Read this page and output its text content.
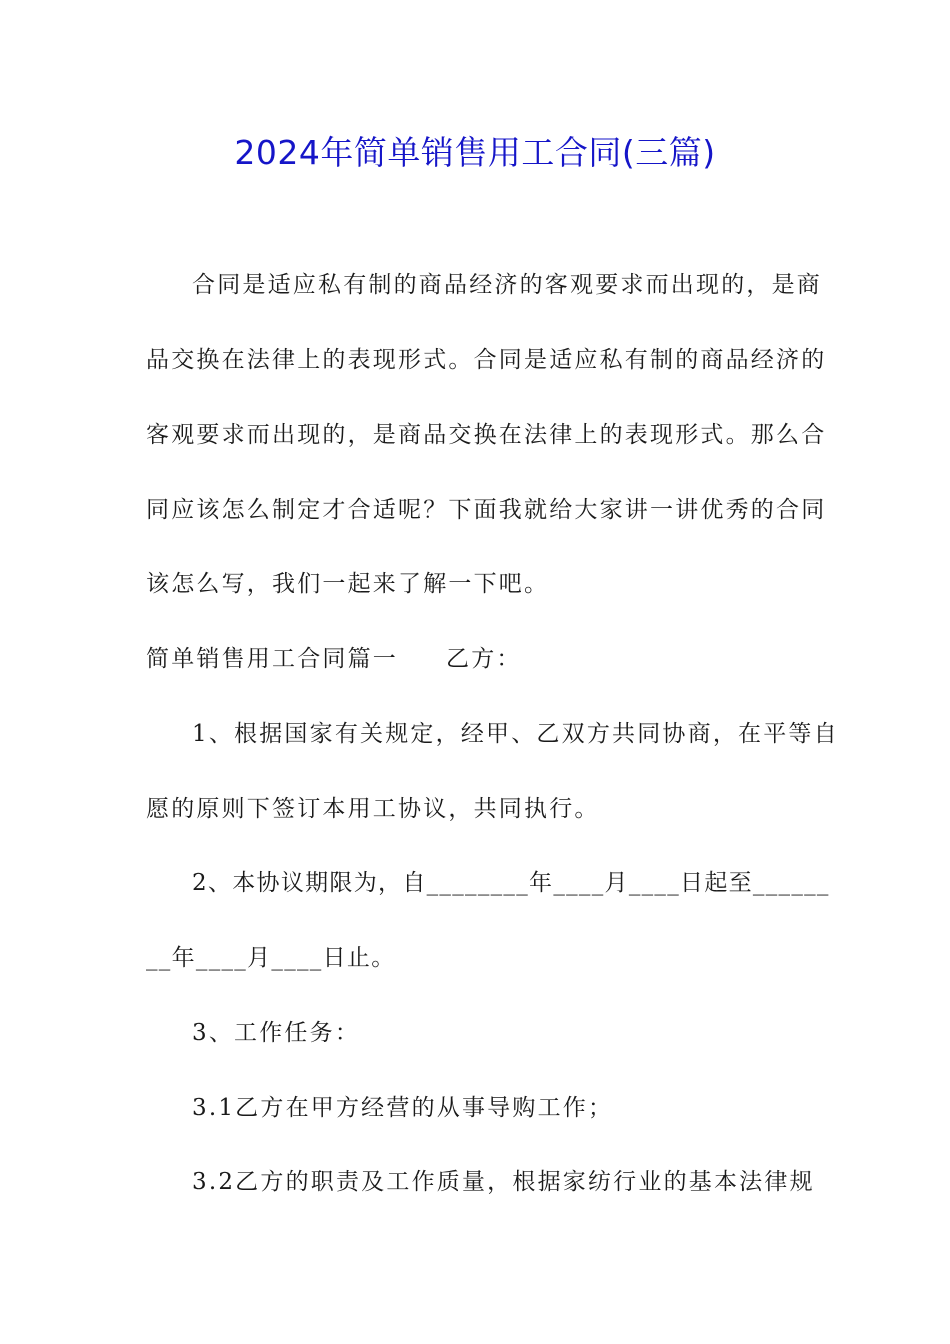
2024年简单销售用工合同(三篇)
合同是适应私有制的商品经济的客观要求而出现的，是商
品交换在法律上的表现形式。合同是适应私有制的商品经济的
客观要求而出现的，是商品交换在法律上的表现形式。那么合
同应该怎么制定才合适呢？下面我就给大家讲一讲优秀的合同
该怎么写，我们一起来了解一下吧。
简单销售用工合同篇一 乙方：
1、根据国家有关规定，经甲、乙双方共同协商，在平等自
愿的原则下签订本用工协议，共同执行。
2、本协议期限为，自________年____月____日起至______
__年____月____日止。
3、工作任务：
3.1乙方在甲方经营的从事导购工作；
3.2乙方的职责及工作质量，根据家纺行业的基本法律规
